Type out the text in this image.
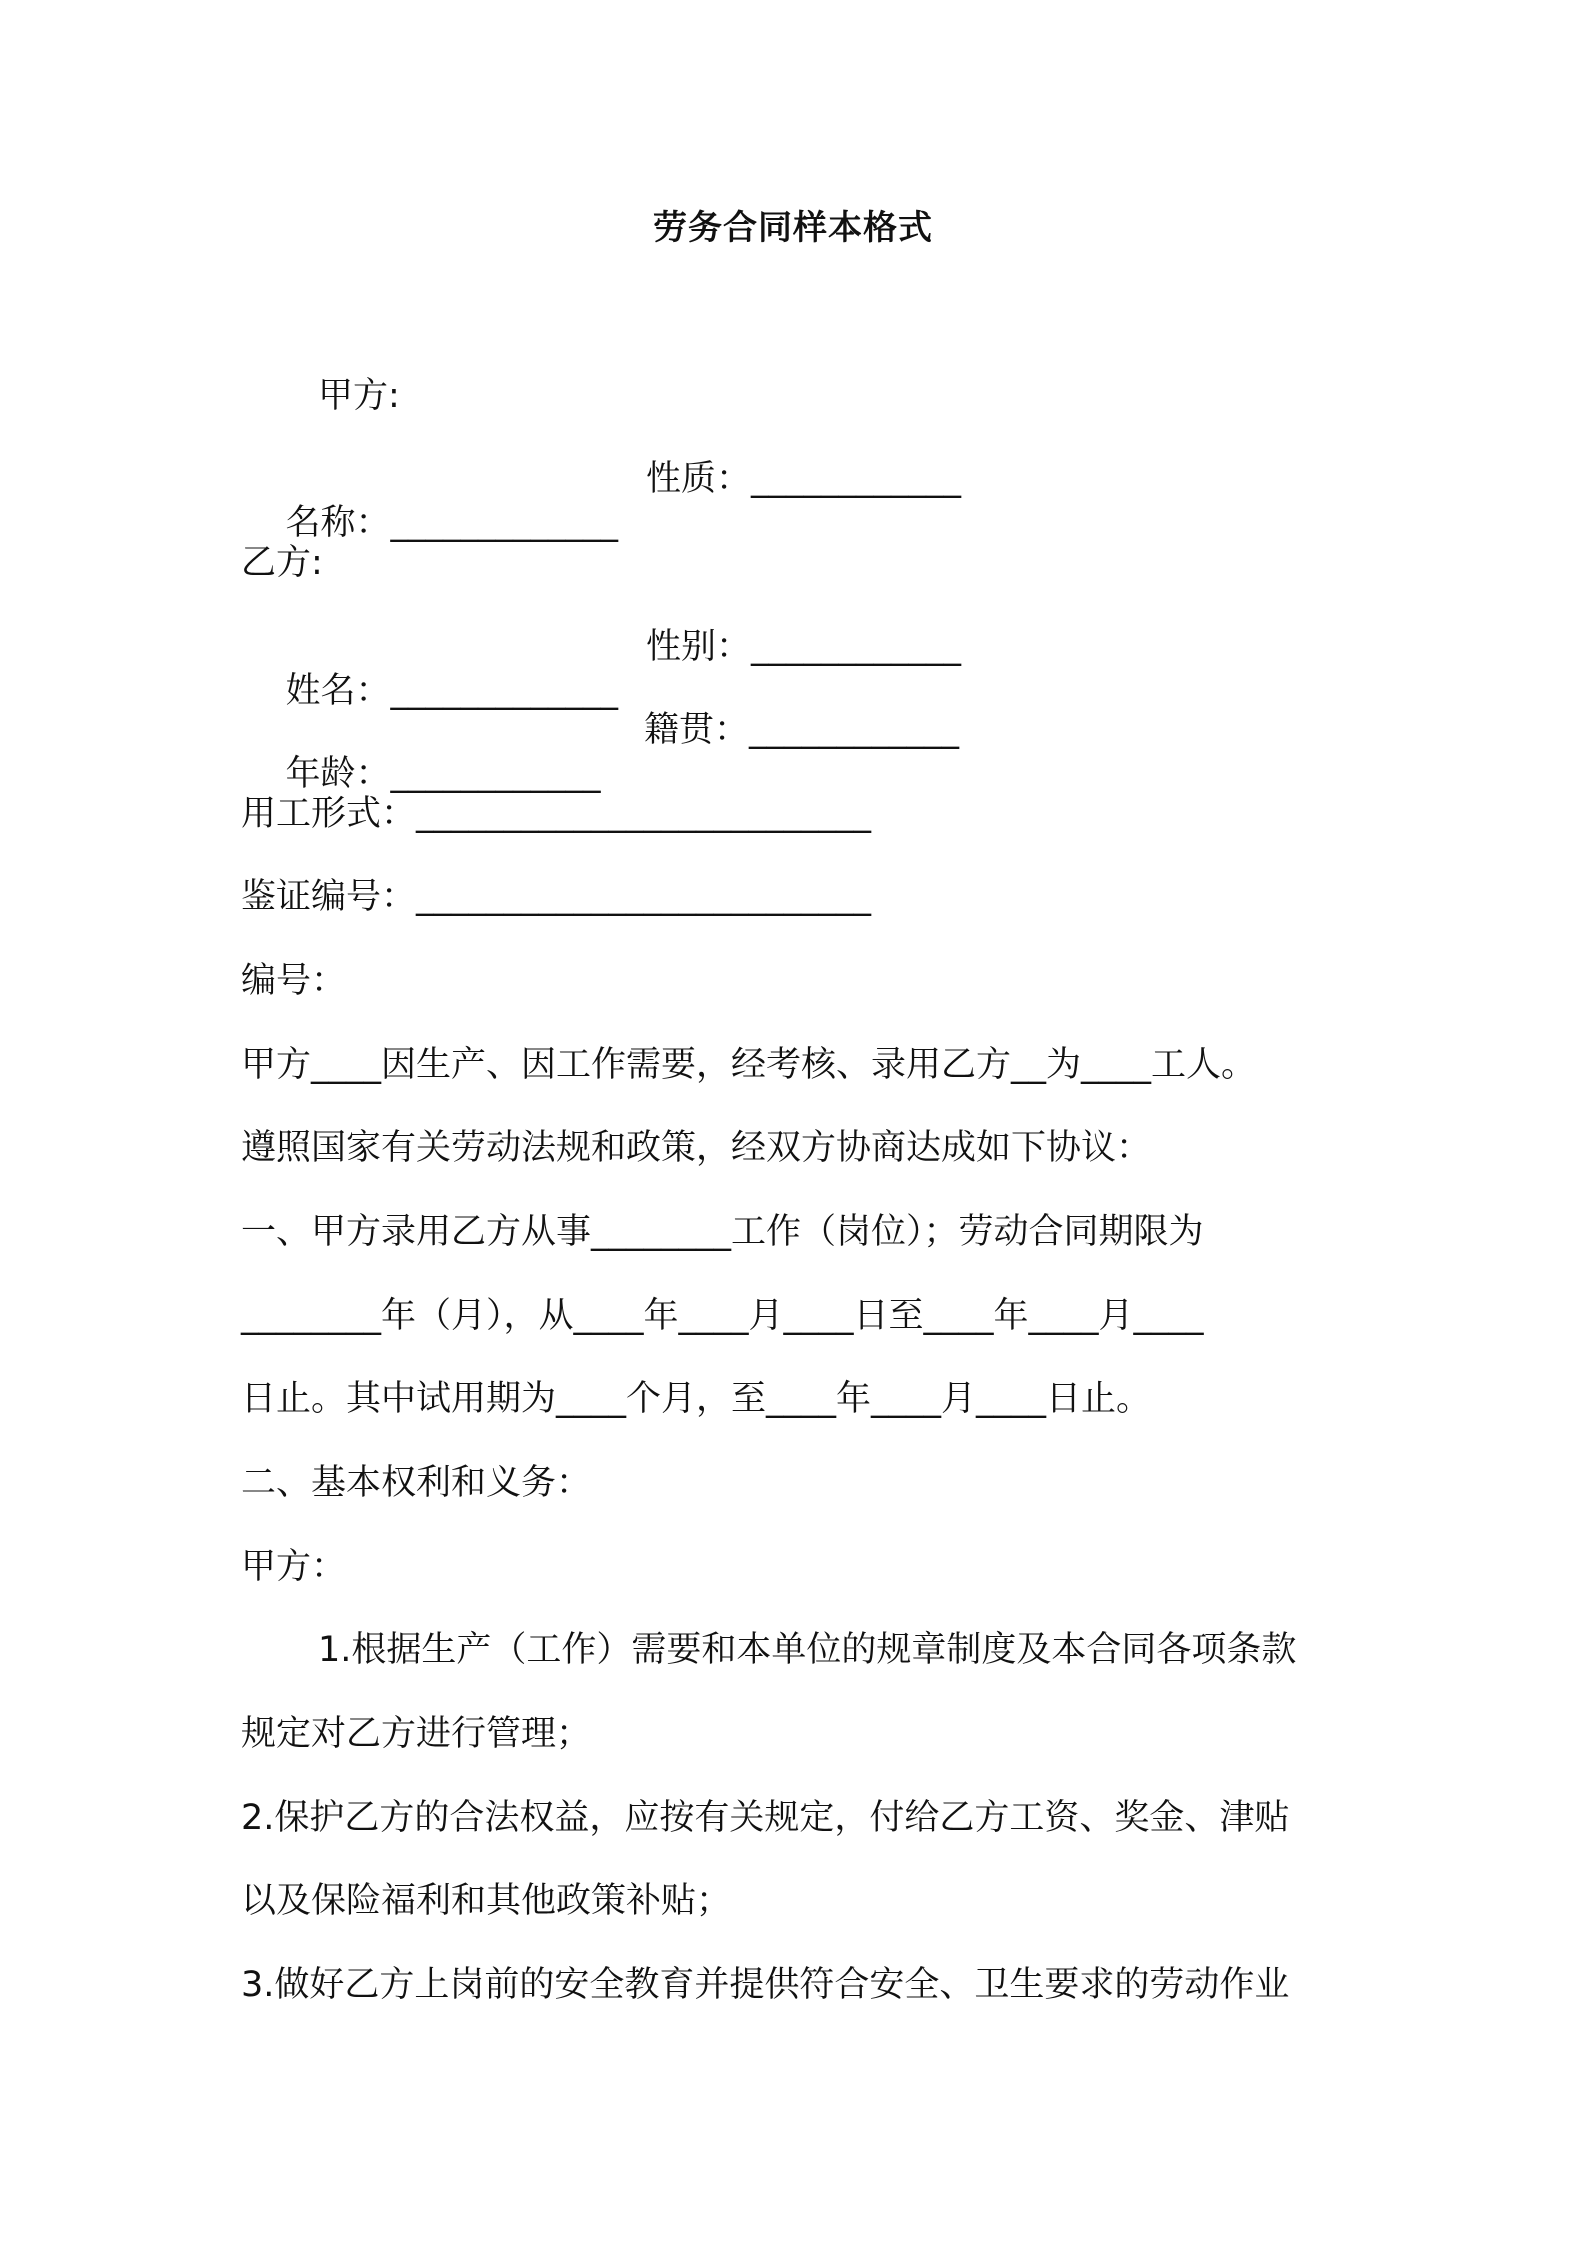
劳务合同样本格式
甲方:

名称：_____________

性质：____________

乙方:

姓名：_____________

性别：____________

年龄：____________

籍贯：____________

用工形式：__________________________
鉴证编号：__________________________
编号：
甲方____因生产、因工作需要，经考核、录用乙方__为____工人。
遵照国家有关劳动法规和政策，经双方协商达成如下协议：
一、甲方录用乙方从事________工作（岗位）；劳动合同期限为
________年（月），从____年____月____日至____年____月____
日止。其中试用期为____个月，至____年____月____日止。
二、基本权利和义务：
甲方：
1.根据生产（工作）需要和本单位的规章制度及本合同各项条款
规定对乙方进行管理；
2.保护乙方的合法权益，应按有关规定，付给乙方工资、奖金、津贴
以及保险福利和其他政策补贴；
3.做好乙方上岗前的安全教育并提供符合安全、卫生要求的劳动作业
